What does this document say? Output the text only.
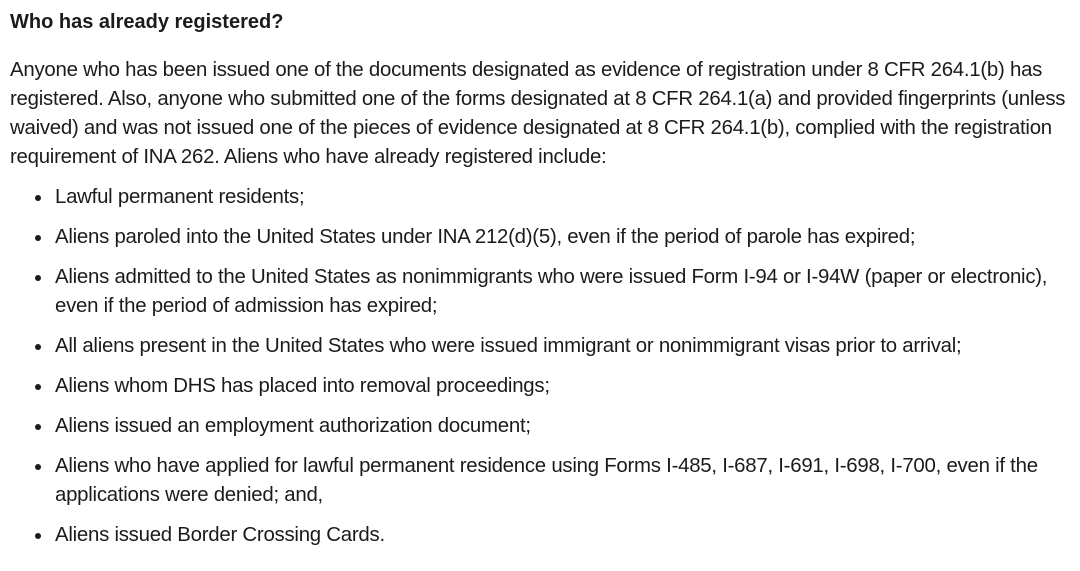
Who has already registered?

Anyone who has been issued one of the documents designated as evidence of registration under 8 CFR 264.1(b) has registered. Also, anyone who submitted one of the forms designated at 8 CFR 264.1(a) and provided fingerprints (unless waived) and was not issued one of the pieces of evidence designated at 8 CFR 264.1(b), complied with the registration requirement of INA 262. Aliens who have already registered include:

Lawful permanent residents;
Aliens paroled into the United States under INA 212(d)(5), even if the period of parole has expired;
Aliens admitted to the United States as nonimmigrants who were issued Form I-94 or I-94W (paper or electronic), even if the period of admission has expired;
All aliens present in the United States who were issued immigrant or nonimmigrant visas prior to arrival;
Aliens whom DHS has placed into removal proceedings;
Aliens issued an employment authorization document;
Aliens who have applied for lawful permanent residence using Forms I-485, I-687, I-691, I-698, I-700, even if the applications were denied; and,
Aliens issued Border Crossing Cards.
